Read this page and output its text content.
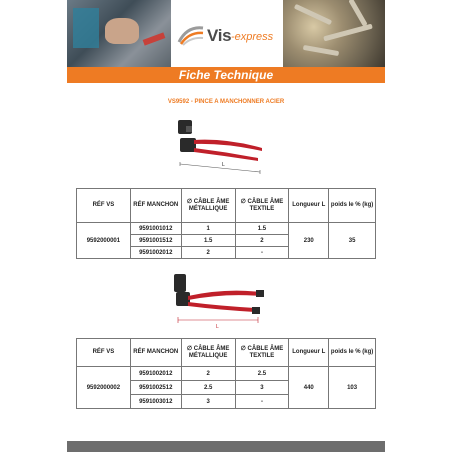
Vis -express
Fiche Technique
VS9592 - PINCE A MANCHONNER ACIER
L
RÉF VS	RÉF MANCHON	∅ CÂBLE ÂME MÉTALLIQUE	∅ CÂBLE ÂME TEXTILE	Longueur L	poids le % (kg)
9592000001	9591001012	1	1.5	230	35
	9591001512	1.5	2		
	9591002012	2	-		
L
RÉF VS	RÉF MANCHON	∅ CÂBLE ÂME MÉTALLIQUE	∅ CÂBLE ÂME TEXTILE	Longueur L	poids le % (kg)
9592000002	9591002012	2	2.5	440	103
	9591002512	2.5	3		
	9591003012	3	-		
